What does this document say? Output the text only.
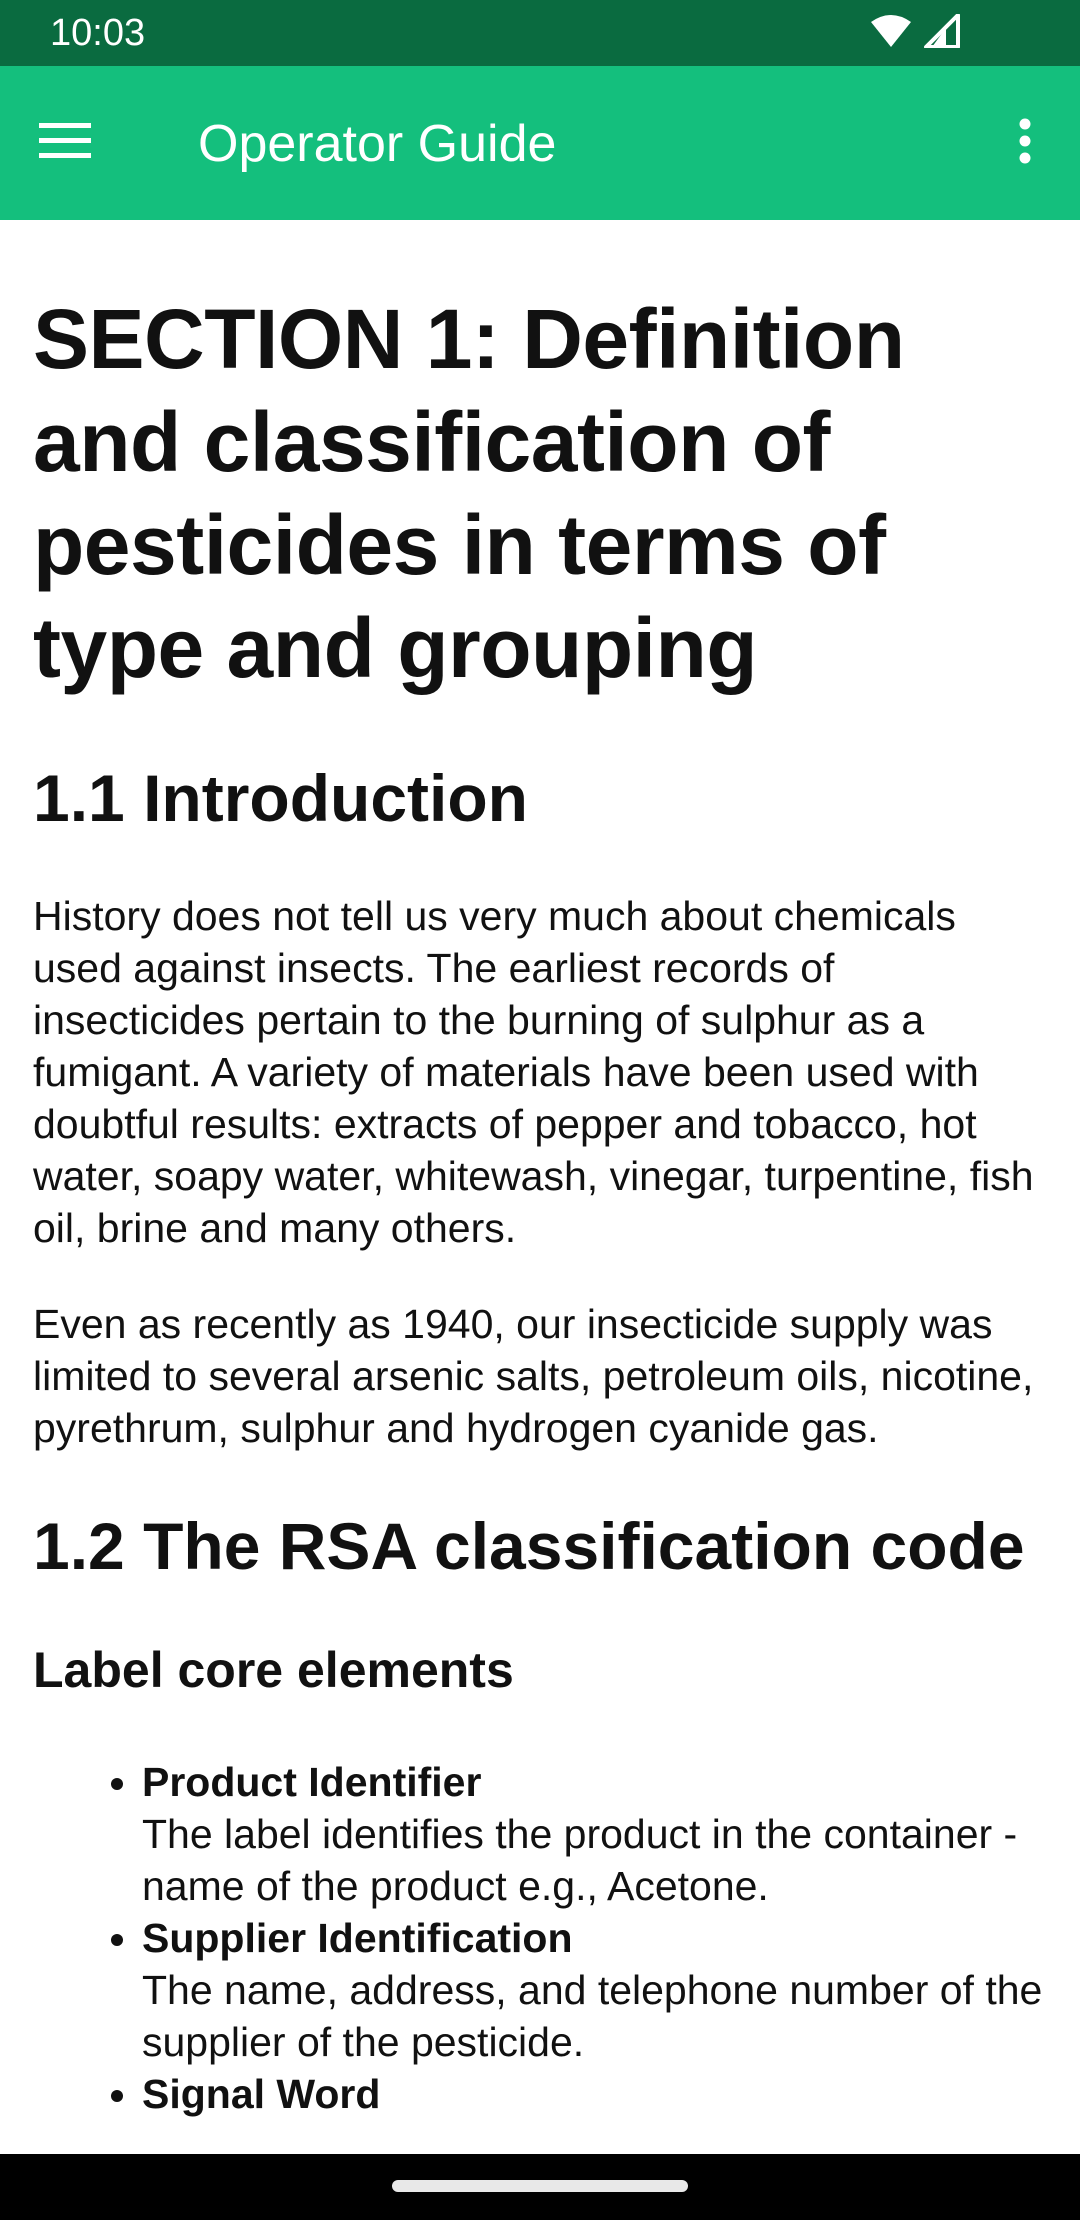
10:03
Operator Guide
SECTION 1: Definition and classification of pesticides in terms of type and grouping
1.1 Introduction

History does not tell us very much about chemicals used against insects. The earliest records of insecticides pertain to the burning of sulphur as a fumigant. A variety of materials have been used with doubtful results: extracts of pepper and tobacco, hot water, soapy water, whitewash, vinegar, turpentine, fish oil, brine and many others.

Even as recently as 1940, our insecticide supply was limited to several arsenic salts, petroleum oils, nicotine, pyrethrum, sulphur and hydrogen cyanide gas.

1.2 The RSA classification code
Label core elements
• Product Identifier
The label identifies the product in the container - name of the product e.g., Acetone.
• Supplier Identification
The name, address, and telephone number of the supplier of the pesticide.
• Signal Word
